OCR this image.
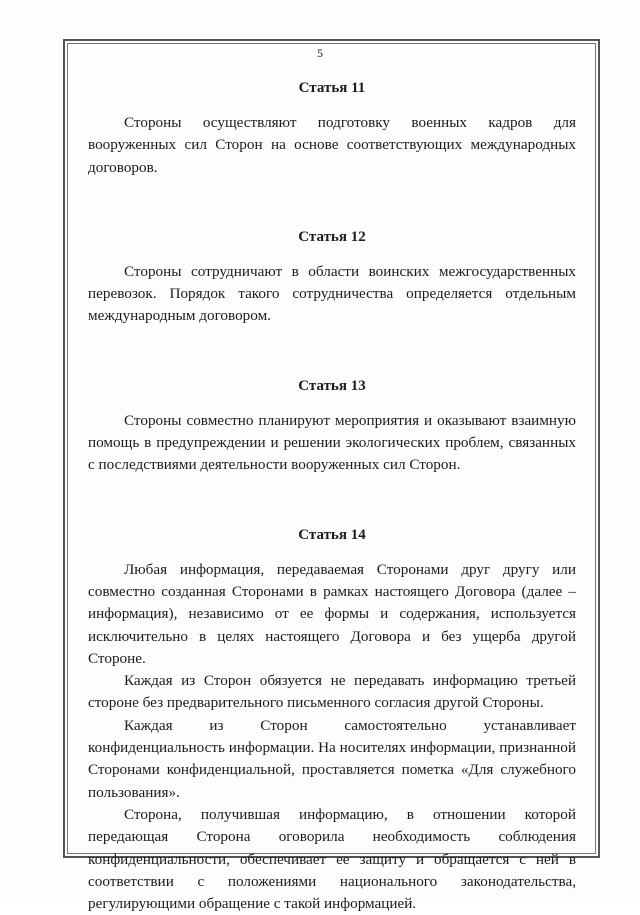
5
Статья 11

Стороны осуществляют подготовку военных кадров для вооруженных сил Сторон на основе соответствующих международных договоров.

Статья 12

Стороны сотрудничают в области воинских межгосударственных перевозок. Порядок такого сотрудничества определяется отдельным международным договором.

Статья 13

Стороны совместно планируют мероприятия и оказывают взаимную помощь в предупреждении и решении экологических проблем, связанных с последствиями деятельности вооруженных сил Сторон.

Статья 14

Любая информация, передаваемая Сторонами друг другу или совместно созданная Сторонами в рамках настоящего Договора (далее – информация), независимо от ее формы и содержания, используется исключительно в целях настоящего Договора и без ущерба другой Стороне.

Каждая из Сторон обязуется не передавать информацию третьей стороне без предварительного письменного согласия другой Стороны.

Каждая из Сторон самостоятельно устанавливает конфиденциальность информации. На носителях информации, признанной Сторонами конфиденциальной, проставляется пометка «Для служебного пользования».

Сторона, получившая информацию, в отношении которой передающая Сторона оговорила необходимость соблюдения конфиденциальности, обеспечивает ее защиту и обращается с ней в соответствии с положениями национального законодательства, регулирующими обращение с такой информацией.
